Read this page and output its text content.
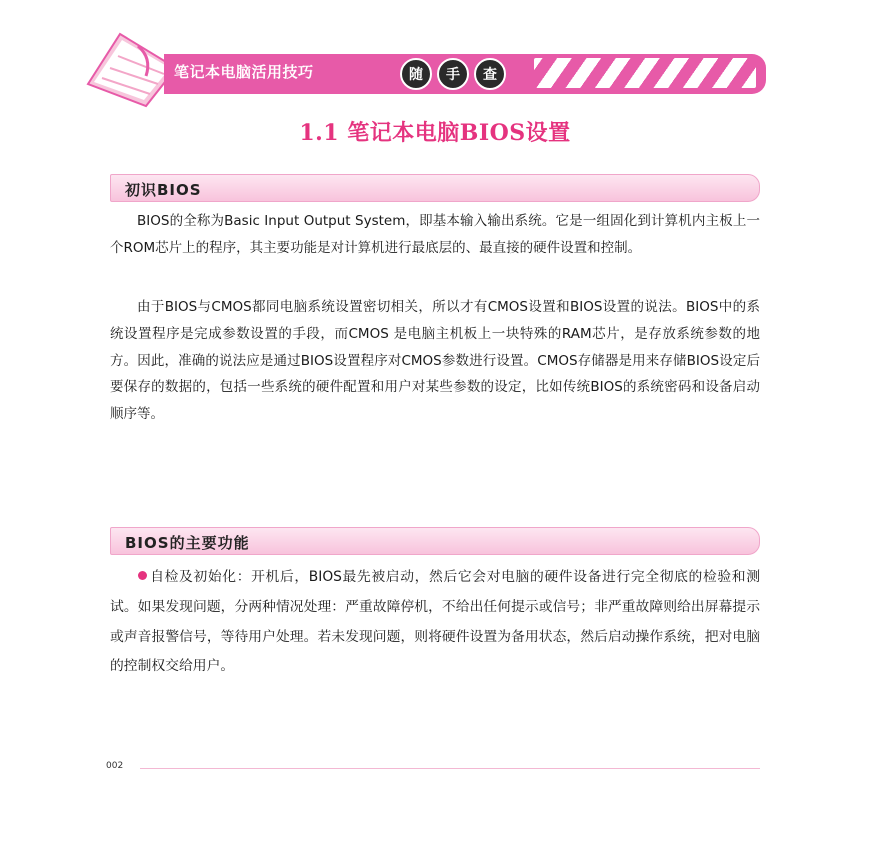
笔记本电脑活用技巧	随	手	查
1.1 笔记本电脑BIOS设置
初识BIOS

BIOS的全称为Basic Input Output System，即基本输入输出系统。它是一组固化到计算机内主板上一个ROM芯片上的程序，其主要功能是对计算机进行最底层的、最直接的硬件设置和控制。

由于BIOS与CMOS都同电脑系统设置密切相关，所以才有CMOS设置和BIOS设置的说法。BIOS中的系统设置程序是完成参数设置的手段，而CMOS 是电脑主机板上一块特殊的RAM芯片，是存放系统参数的地方。因此，准确的说法应是通过BIOS设置程序对CMOS参数进行设置。CMOS存储器是用来存储BIOS设定后要保存的数据的，包括一些系统的硬件配置和用户对某些参数的设定，比如传统BIOS的系统密码和设备启动顺序等。

BIOS的主要功能

自检及初始化：开机后，BIOS最先被启动，然后它会对电脑的硬件设备进行完全彻底的检验和测试。如果发现问题，分两种情况处理：严重故障停机，不给出任何提示或信号；非严重故障则给出屏幕提示或声音报警信号，等待用户处理。若未发现问题，则将硬件设置为备用状态，然后启动操作系统，把对电脑的控制权交给用户。

002
